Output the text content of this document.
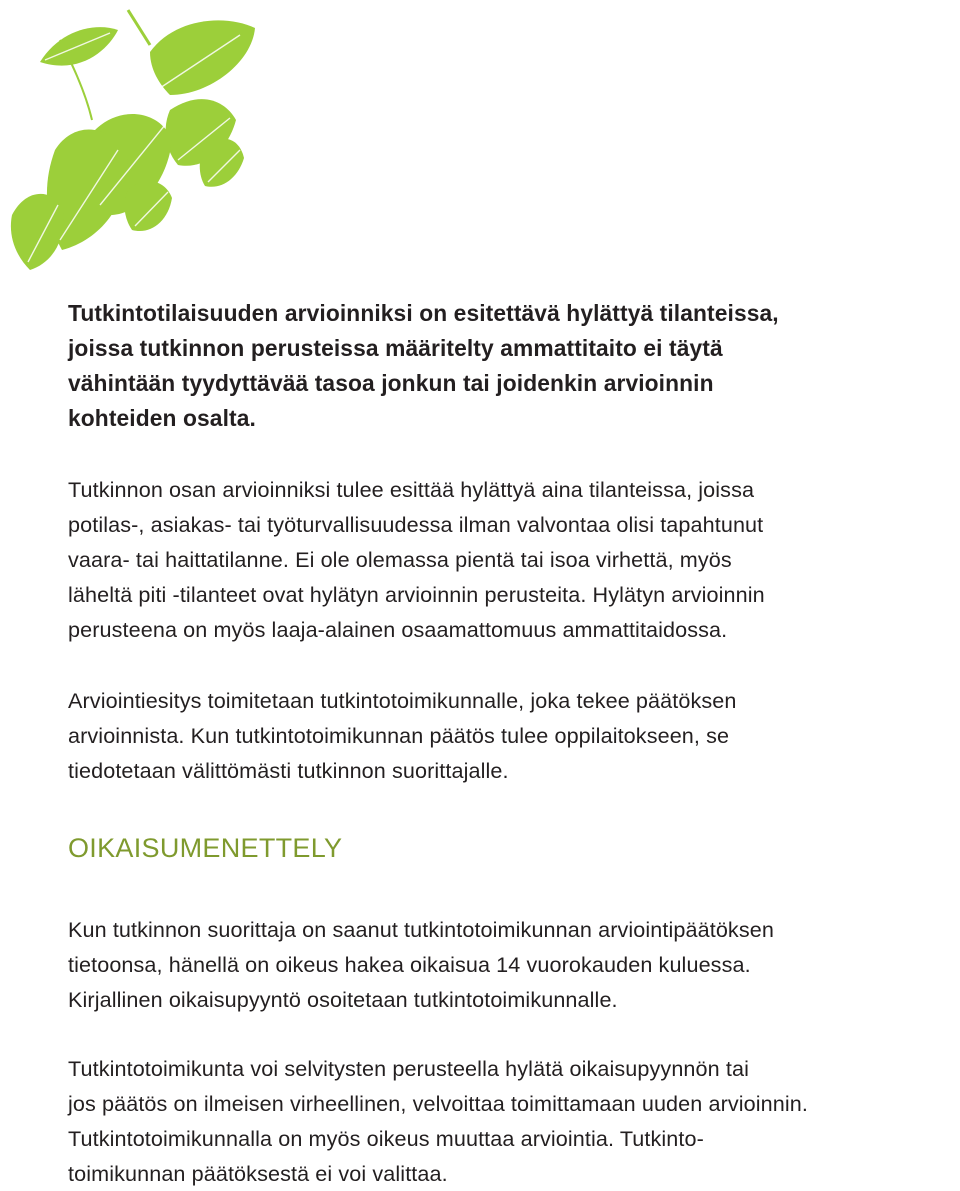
Tutkintotilaisuuden arvioinniksi on esitettävä hylättyä tilanteissa,
joissa tutkinnon perusteissa määritelty ammattitaito ei täytä
vähintään tyydyttävää tasoa jonkun tai joidenkin arvioinnin
kohteiden osalta.

Tutkinnon osan arvioinniksi tulee esittää hylättyä aina tilanteissa, joissa
potilas-, asiakas- tai työturvallisuudessa ilman valvontaa olisi tapahtunut
vaara- tai haittatilanne. Ei ole olemassa pientä tai isoa virhettä, myös
läheltä piti -tilanteet ovat hylätyn arvioinnin perusteita. Hylätyn arvioinnin
perusteena on myös laaja-alainen osaamattomuus ammattitaidossa.

Arviointiesitys toimitetaan tutkintotoimikunnalle, joka tekee päätöksen
arvioinnista. Kun tutkintotoimikunnan päätös tulee oppilaitokseen, se
tiedotetaan välittömästi tutkinnon suorittajalle.

OIKAISUMENETTELY

Kun tutkinnon suorittaja on saanut tutkintotoimikunnan arviointipäätöksen
tietoonsa, hänellä on oikeus hakea oikaisua 14 vuorokauden kuluessa.
Kirjallinen oikaisupyyntö osoitetaan tutkintotoimikunnalle.

Tutkintotoimikunta voi selvitysten perusteella hylätä oikaisupyynnön tai
jos päätös on ilmeisen virheellinen, velvoittaa toimittamaan uuden arvioinnin.
Tutkintotoimikunnalla on myös oikeus muuttaa arviointia. Tutkinto-
toimikunnan päätöksestä ei voi valittaa.
